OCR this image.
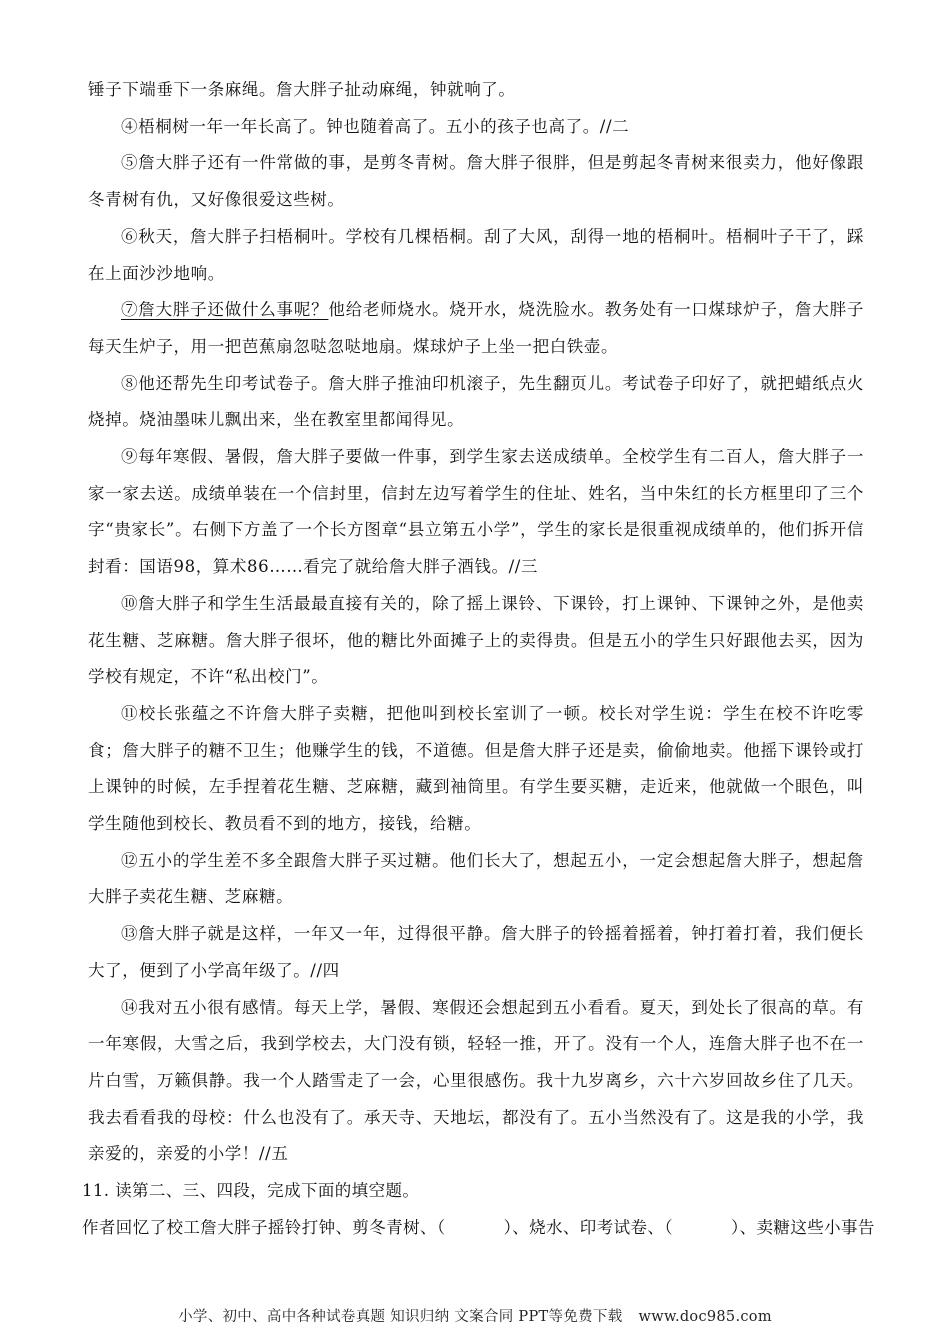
锤子下端垂下一条麻绳。詹大胖子扯动麻绳，钟就响了。

④梧桐树一年一年长高了。钟也随着高了。五小的孩子也高了。//二

⑤詹大胖子还有一件常做的事，是剪冬青树。詹大胖子很胖，但是剪起冬青树来很卖力，他好像跟冬青树有仇，又好像很爱这些树。

⑥秋天，詹大胖子扫梧桐叶。学校有几棵梧桐。刮了大风，刮得一地的梧桐叶。梧桐叶子干了，踩在上面沙沙地响。

⑦詹大胖子还做什么事呢？他给老师烧水。烧开水，烧洗脸水。教务处有一口煤球炉子，詹大胖子每天生炉子，用一把芭蕉扇忽哒忽哒地扇。煤球炉子上坐一把白铁壶。

⑧他还帮先生印考试卷子。詹大胖子推油印机滚子，先生翻页儿。考试卷子印好了，就把蜡纸点火烧掉。烧油墨味儿飘出来，坐在教室里都闻得见。

⑨每年寒假、暑假，詹大胖子要做一件事，到学生家去送成绩单。全校学生有二百人，詹大胖子一家一家去送。成绩单装在一个信封里，信封左边写着学生的住址、姓名，当中朱红的长方框里印了三个字“贵家长”。右侧下方盖了一个长方图章“县立第五小学”，学生的家长是很重视成绩单的，他们拆开信封看：国语98，算术86……看完了就给詹大胖子酒钱。//三

⑩詹大胖子和学生生活最最直接有关的，除了摇上课铃、下课铃，打上课钟、下课钟之外，是他卖花生糖、芝麻糖。詹大胖子很坏，他的糖比外面摊子上的卖得贵。但是五小的学生只好跟他去买，因为学校有规定，不许“私出校门”。

⑪校长张蕴之不许詹大胖子卖糖，把他叫到校长室训了一顿。校长对学生说：学生在校不许吃零食；詹大胖子的糖不卫生；他赚学生的钱，不道德。但是詹大胖子还是卖，偷偷地卖。他摇下课铃或打上课钟的时候，左手捏着花生糖、芝麻糖，藏到袖筒里。有学生要买糖，走近来，他就做一个眼色，叫学生随他到校长、教员看不到的地方，接钱，给糖。

⑫五小的学生差不多全跟詹大胖子买过糖。他们长大了，想起五小，一定会想起詹大胖子，想起詹大胖子卖花生糖、芝麻糖。

⑬詹大胖子就是这样，一年又一年，过得很平静。詹大胖子的铃摇着摇着，钟打着打着，我们便长大了，便到了小学高年级了。//四

⑭我对五小很有感情。每天上学，暑假、寒假还会想起到五小看看。夏天，到处长了很高的草。有一年寒假，大雪之后，我到学校去，大门没有锁，轻轻一推，开了。没有一个人，连詹大胖子也不在一片白雪，万籁俱静。我一个人踏雪走了一会，心里很感伤。我十九岁离乡，六十六岁回故乡住了几天。我去看看我的母校：什么也没有了。承天寺、天地坛，都没有了。五小当然没有了。这是我的小学，我亲爱的，亲爱的小学！//五

11. 读第二、三、四段，完成下面的填空题。

作者回忆了校工詹大胖子摇铃打钟、剪冬青树、（	）、烧水、印考试卷、（	）、卖糖这些小事告

小学、初中、高中各种试卷真题 知识归纳 文案合同 PPT等免费下载 www.doc985.com
